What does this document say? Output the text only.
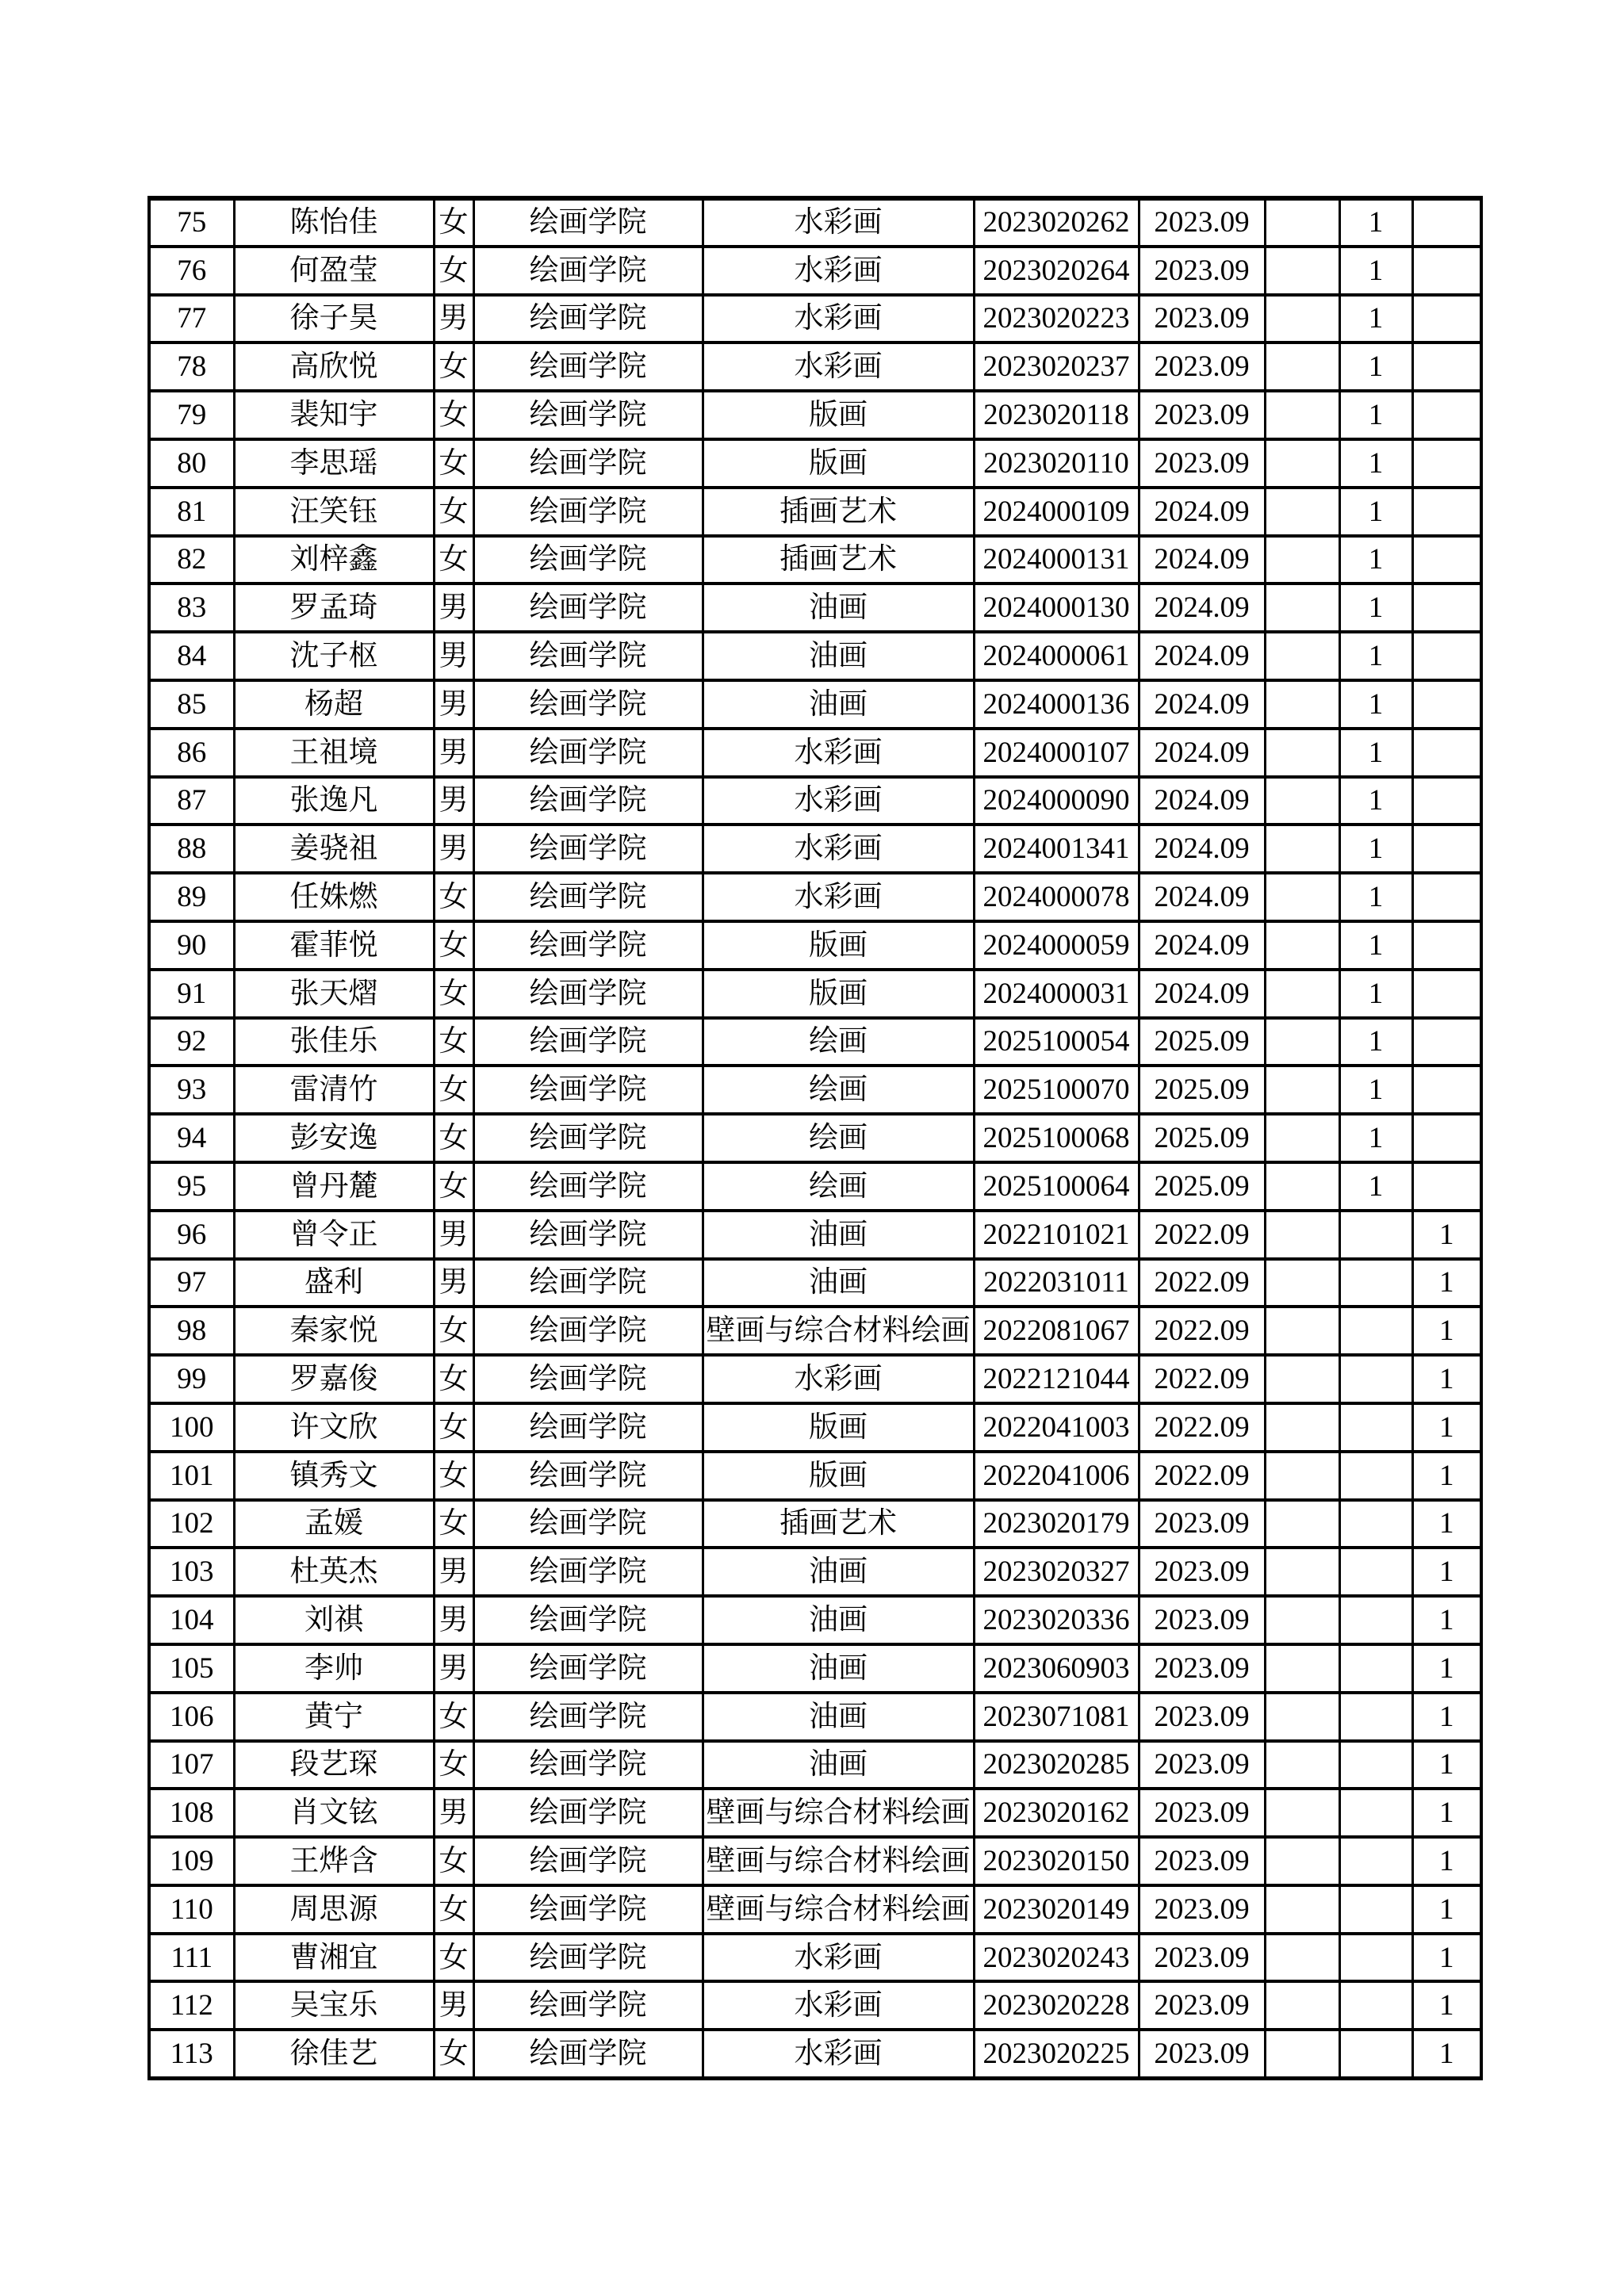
75	陈怡佳	女	绘画学院	水彩画	2023020262	2023.09		1	
76	何盈莹	女	绘画学院	水彩画	2023020264	2023.09		1	
77	徐子昊	男	绘画学院	水彩画	2023020223	2023.09		1	
78	高欣悦	女	绘画学院	水彩画	2023020237	2023.09		1	
79	裴知宇	女	绘画学院	版画	2023020118	2023.09		1	
80	李思瑶	女	绘画学院	版画	2023020110	2023.09		1	
81	汪笑钰	女	绘画学院	插画艺术	2024000109	2024.09		1	
82	刘梓鑫	女	绘画学院	插画艺术	2024000131	2024.09		1	
83	罗孟琦	男	绘画学院	油画	2024000130	2024.09		1	
84	沈子枢	男	绘画学院	油画	2024000061	2024.09		1	
85	杨超	男	绘画学院	油画	2024000136	2024.09		1	
86	王祖境	男	绘画学院	水彩画	2024000107	2024.09		1	
87	张逸凡	男	绘画学院	水彩画	2024000090	2024.09		1	
88	姜骁祖	男	绘画学院	水彩画	2024001341	2024.09		1	
89	任姝燃	女	绘画学院	水彩画	2024000078	2024.09		1	
90	霍菲悦	女	绘画学院	版画	2024000059	2024.09		1	
91	张天熠	女	绘画学院	版画	2024000031	2024.09		1	
92	张佳乐	女	绘画学院	绘画	2025100054	2025.09		1	
93	雷清竹	女	绘画学院	绘画	2025100070	2025.09		1	
94	彭安逸	女	绘画学院	绘画	2025100068	2025.09		1	
95	曾丹麓	女	绘画学院	绘画	2025100064	2025.09		1	
96	曾令正	男	绘画学院	油画	2022101021	2022.09			1
97	盛利	男	绘画学院	油画	2022031011	2022.09			1
98	秦家悦	女	绘画学院	壁画与综合材料绘画	2022081067	2022.09			1
99	罗嘉俊	女	绘画学院	水彩画	2022121044	2022.09			1
100	许文欣	女	绘画学院	版画	2022041003	2022.09			1
101	镇秀文	女	绘画学院	版画	2022041006	2022.09			1
102	孟媛	女	绘画学院	插画艺术	2023020179	2023.09			1
103	杜英杰	男	绘画学院	油画	2023020327	2023.09			1
104	刘祺	男	绘画学院	油画	2023020336	2023.09			1
105	李帅	男	绘画学院	油画	2023060903	2023.09			1
106	黄宁	女	绘画学院	油画	2023071081	2023.09			1
107	段艺琛	女	绘画学院	油画	2023020285	2023.09			1
108	肖文铉	男	绘画学院	壁画与综合材料绘画	2023020162	2023.09			1
109	王烨含	女	绘画学院	壁画与综合材料绘画	2023020150	2023.09			1
110	周思源	女	绘画学院	壁画与综合材料绘画	2023020149	2023.09			1
111	曹湘宜	女	绘画学院	水彩画	2023020243	2023.09			1
112	吴宝乐	男	绘画学院	水彩画	2023020228	2023.09			1
113	徐佳艺	女	绘画学院	水彩画	2023020225	2023.09			1
